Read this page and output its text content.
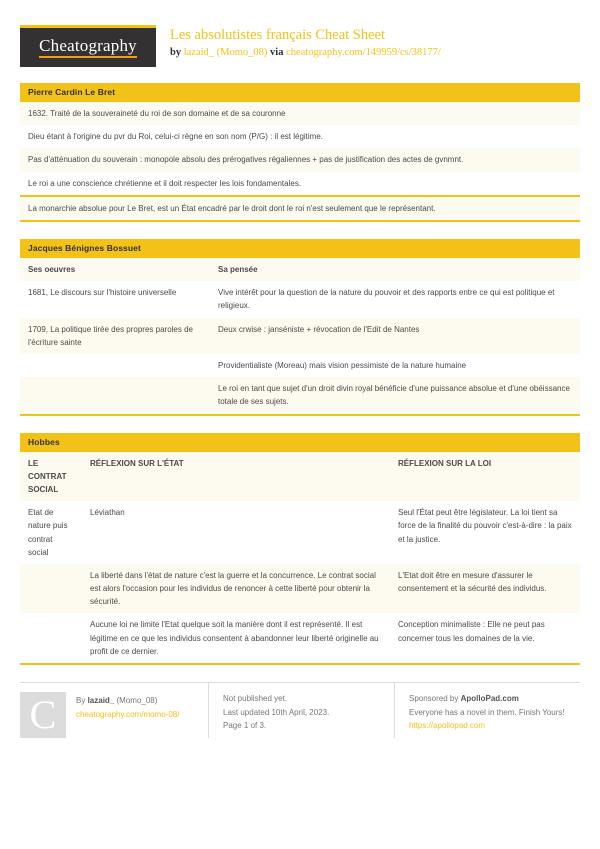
Cheatography
Les absolutistes français Cheat Sheet
by lazaid_ (Momo_08) via cheatography.com/149959/cs/38177/
Pierre Cardin Le Bret
1632. Traité de la souveraineté du roi de son domaine et de sa couronne
Dieu étant à l'origine du pvr du Roi, celui-ci règne en son nom (P/G) : il est légitime.
Pas d'atténuation du souverain : monopole absolu des prérogatives régaliennes + pas de justification des actes de gvnmnt.
Le roi a une conscience chrétienne et il doit respecter les lois fondamentales.
La monarchie absolue pour Le Bret, est un État encadré par le droit dont le roi n'est seulement que le représentant.
Jacques Bénignes Bossuet
Ses oeuvres	Sa pensée
1681, Le discours sur l'histoire universelle	Vive intérêt pour la question de la nature du pouvoir et des rapports entre ce qui est politique et religieux.
1709, La politique tirée des propres paroles de l'écriture sainte	Deux crwise : janséniste + révocation de l'Edit de Nantes
	Providentialiste (Moreau) mais vision pessimiste de la nature humaine
	Le roi en tant que sujet d'un droit divin royal bénéficie d'une puissance absolue et d'une obéissance totale de ses sujets.
Hobbes
LE CONTRAT SOCIAL	RÉFLEXION SUR L'ÉTAT	RÉFLEXION SUR LA LOI
Etat de nature puis contrat social	Léviathan	Seul l'État peut être législateur. La loi tient sa force de la finalité du pouvoir c'est-à-dire : la paix et la justice.
	La liberté dans l'état de nature c'est la guerre et la concurrence. Le contrat social est alors l'occasion pour les individus de renoncer à cette liberté pour obtenir la sécurité.	L'Etat doit être en mesure d'assurer le consentement et la sécurité des individus.
	Aucune loi ne limite l'Etat quelque soit la manière dont il est représenté. Il est légitime en ce que les individus consentent à abandonner leur liberté originelle au profit de ce dernier.	Conception minimaliste : Elle ne peut pas concerner tous les domaines de la vie.
C	By lazaid_ (Momo_08)
cheatography.com/momo-08/
Not published yet.
Last updated 10th April, 2023.
Page 1 of 3.
Sponsored by ApolloPad.com
Everyone has a novel in them. Finish Yours!
https://apollopad.com
